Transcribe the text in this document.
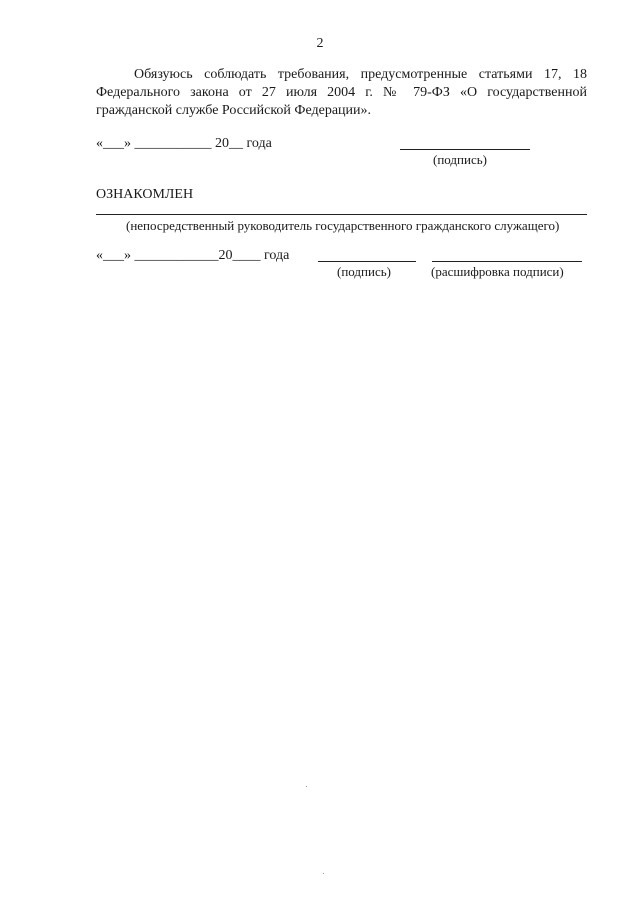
2
Обязуюсь соблюдать требования, предусмотренные статьями 17, 18 Федерального закона от 27 июля 2004 г. № 79-ФЗ «О государственной гражданской службе Российской Федерации».
«___» ___________ 20__ года
(подпись)
ОЗНАКОМЛЕН
(непосредственный руководитель государственного гражданского служащего)
«___» ____________20____ года
(подпись)	(расшифровка подписи)
